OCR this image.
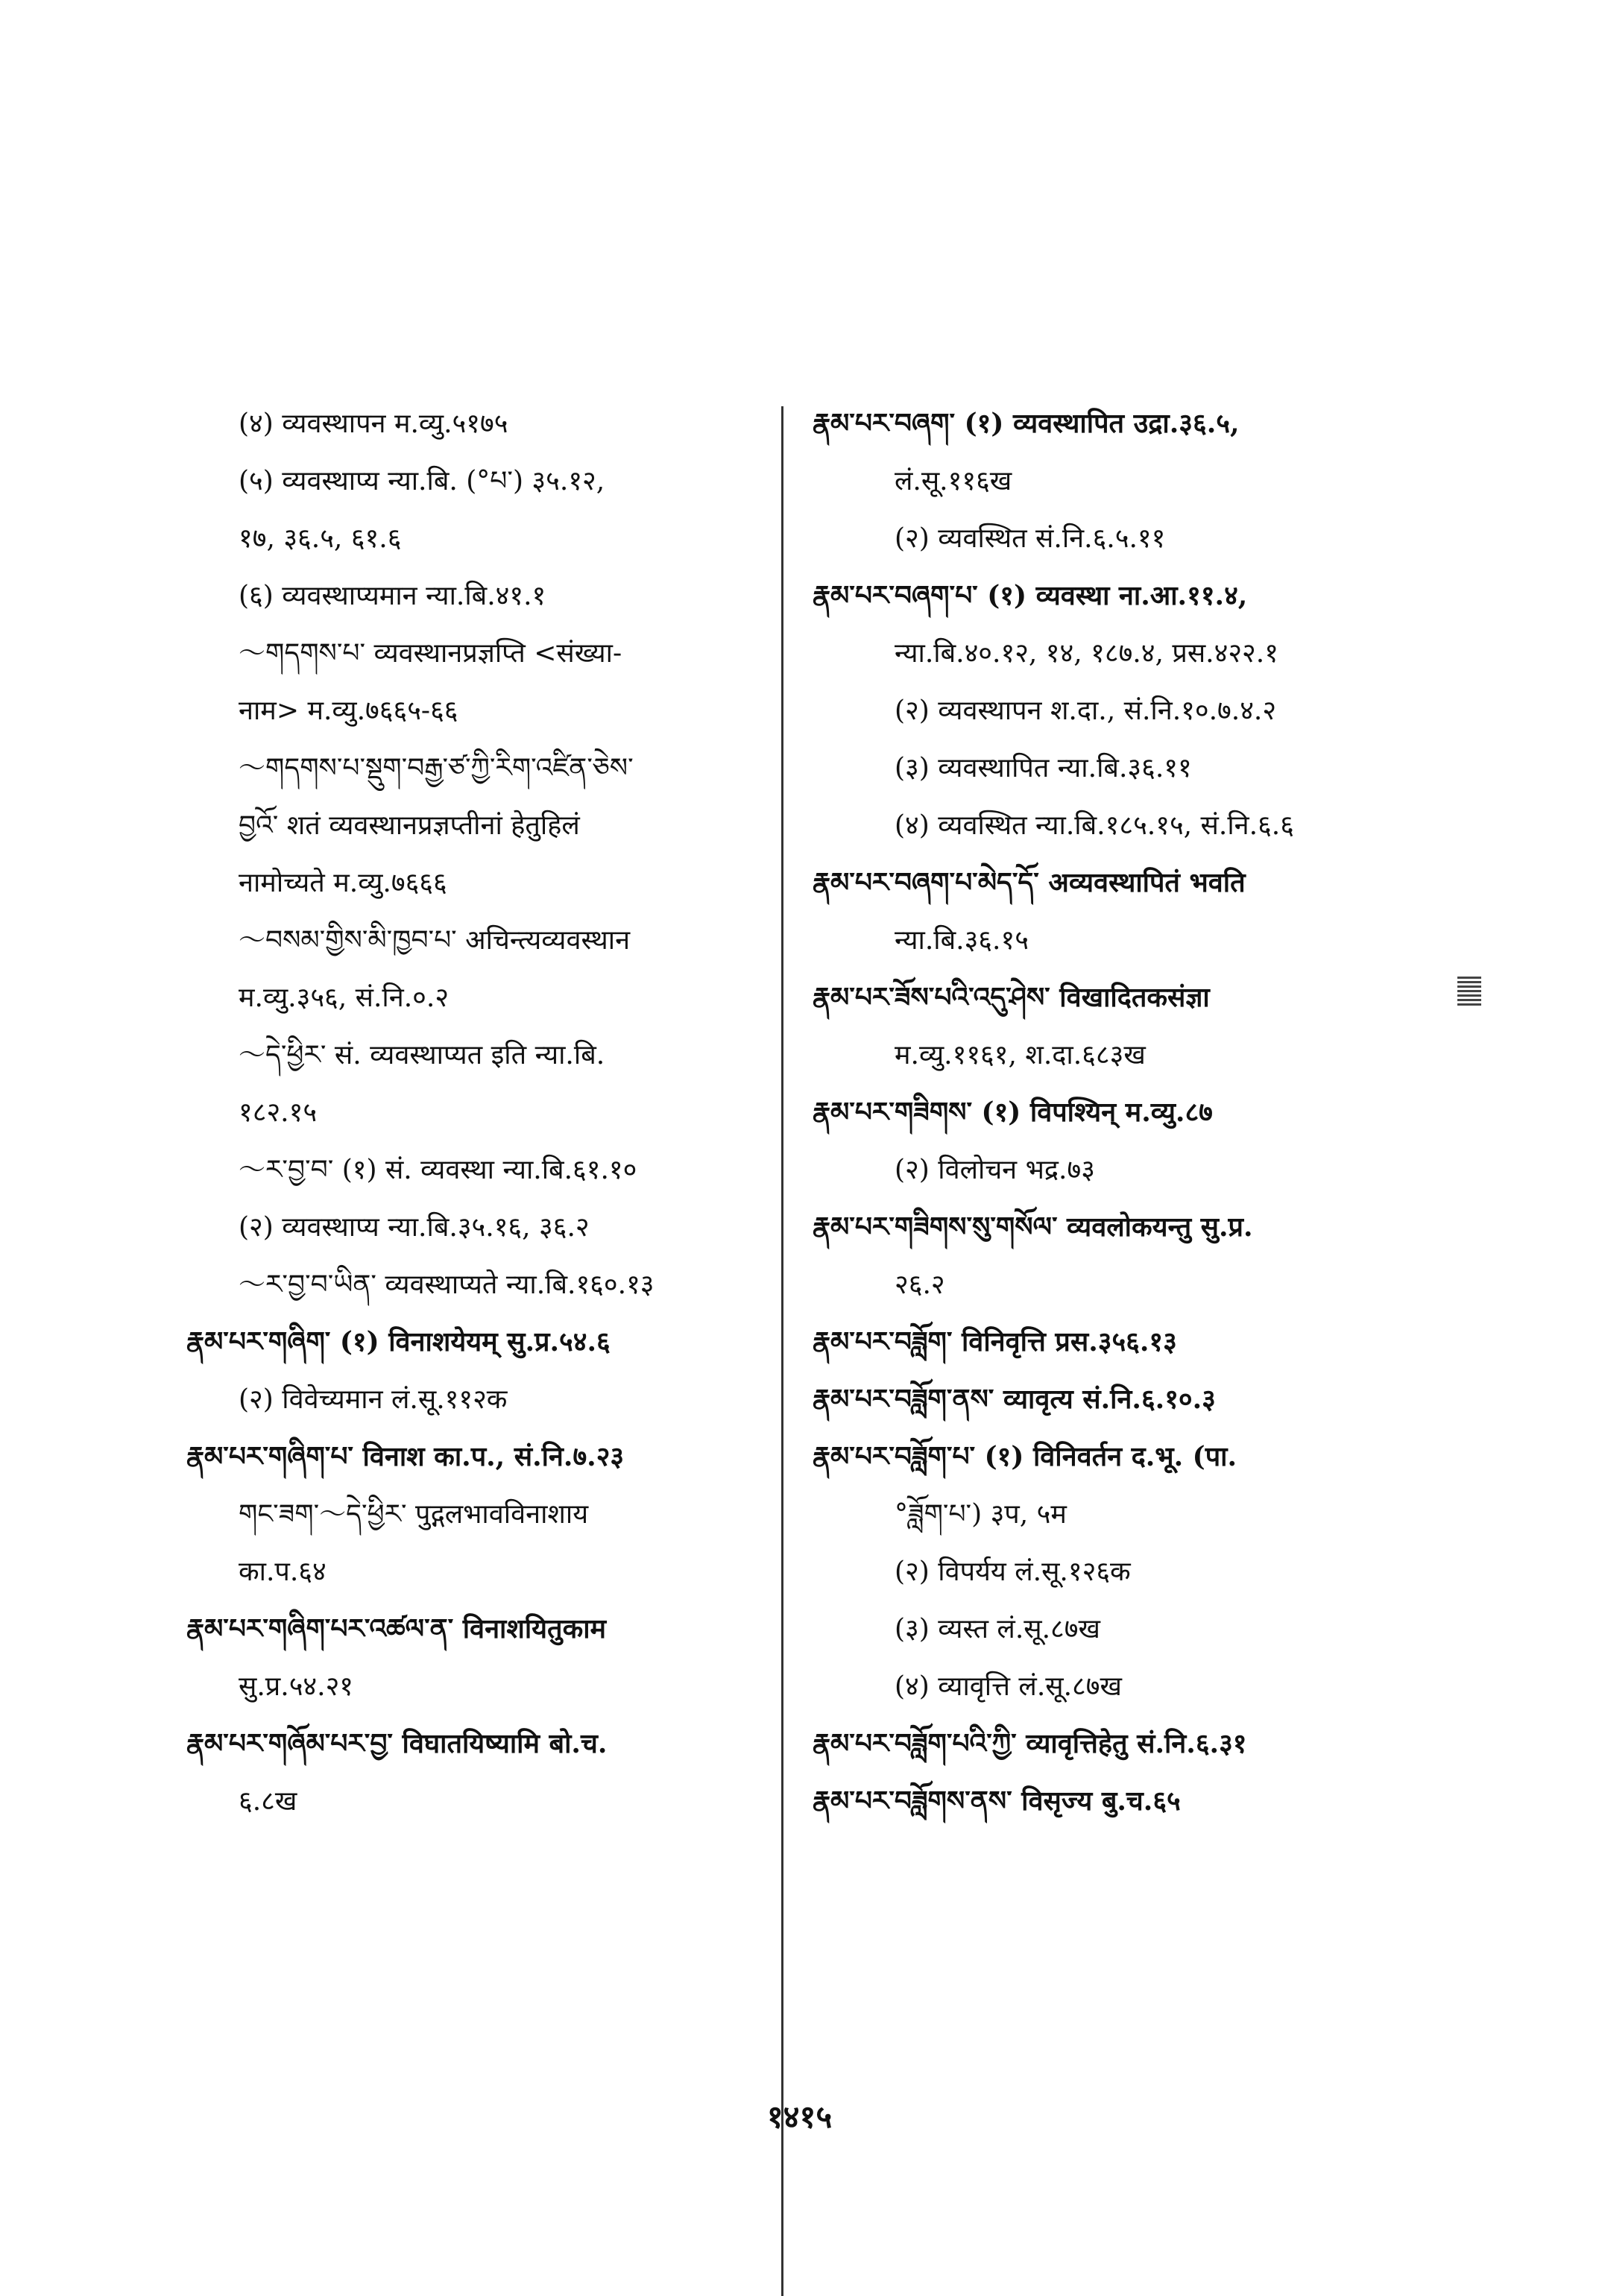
(४) व्यवस्थापन म.व्यु.५१७५
(५) व्यवस्थाप्य न्या.बि. (°པ་) ३५.१२,
१७, ३६.५, ६१.६
(६) व्यवस्थाप्यमान न्या.बि.४१.१
～གདགས་པ་ व्यवस्थानप्रज्ञप्ति <संख्या-
नाम> म.व्यु.७६६५-६६
～གདགས་པ་སྡུག་བརྒྱ་ཙ་ཀྱི་རིག་འཛིན་ཅེས་
བྱའོ་ शतं व्यवस्थानप्रज्ञप्तीनां हेतुहिलं
नामोच्यते म.व्यु.७६६६
～བསམ་གྱིས་མི་ཁྱབ་པ་ अचिन्त्यव्यवस्थान
म.व्यु.३५६, सं.नि.०.२
～དེ་ཕྱིར་ सं. व्यवस्थाप्यत इति न्या.बि.
१८२.१५
～ར་བྱ་བ་ (१) सं. व्यवस्था न्या.बि.६१.१०
(२) व्यवस्थाप्य न्या.बि.३५.१६, ३६.२
～ར་བྱ་བ་ཡིན་ व्यवस्थाप्यते न्या.बि.१६०.१३
རྣམ་པར་གཞིག་ (१) विनाशयेयम् सु.प्र.५४.६
(२) विवेच्यमान लं.सू.११२क
རྣམ་པར་གཞིག་པ་ विनाश का.प., सं.नि.७.२३
གང་ཟག་～དེ་ཕྱིར་ पुद्गलभावविनाशाय
का.प.६४
རྣམ་པར་གཞིག་པར་འཚལ་ན་ विनाशयितुकाम
सु.प्र.५४.२१
རྣམ་པར་གཞོམ་པར་བྱ་ विघातयिष्यामि बो.च.
६.८ख
རྣམ་པར་བཞག་ (१) व्यवस्थापित उद्रा.३६.५,
लं.सू.११६ख
(२) व्यवस्थित सं.नि.६.५.११
རྣམ་པར་བཞག་པ་ (१) व्यवस्था ना.आ.११.४,
न्या.बि.४०.१२, १४, १८७.४, प्रस.४२२.१
(२) व्यवस्थापन श.दा., सं.नि.१०.७.४.२
(३) व्यवस्थापित न्या.बि.३६.११
(४) व्यवस्थित न्या.बि.१८५.१५, सं.नि.६.६
རྣམ་པར་བཞག་པ་མེད་དོ་ अव्यवस्थापितं भवति
न्या.बि.३६.१५
རྣམ་པར་ཟོས་པའི་འདུ་ཤེས་ विखादितकसंज्ञा
म.व्यु.११६१, श.दा.६८३ख
རྣམ་པར་གཟིགས་ (१) विपश्यिन् म.व्यु.८७
(२) विलोचन भद्र.७३
རྣམ་པར་གཟིགས་སུ་གསོལ་ व्यवलोकयन्तु सु.प्र.
२६.२
རྣམ་པར་བཟློག་ विनिवृत्ति प्रस.३५६.१३
རྣམ་པར་བཟློག་ནས་ व्यावृत्य सं.नि.६.१०.३
རྣམ་པར་བཟློག་པ་ (१) विनिवर्तन द.भू. (पा.
°ཟློག་པ་) ३प, ५म
(२) विपर्यय लं.सू.१२६क
(३) व्यस्त लं.सू.८७ख
(४) व्यावृत्ति लं.सू.८७ख
རྣམ་པར་བཟློག་པའི་ཀྱི་ व्यावृत्तिहेतु सं.नि.६.३१
རྣམ་པར་བཟློགས་ནས་ विसृज्य बु.च.६५
१४१५
